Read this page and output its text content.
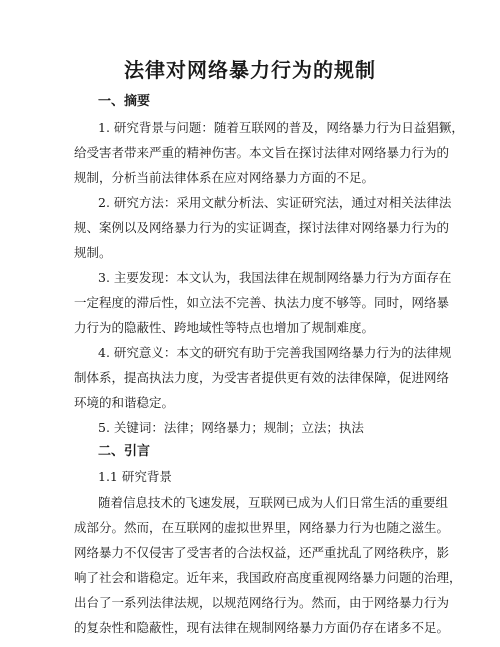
法律对网络暴力行为的规制
一、摘要
1. 研究背景与问题：随着互联网的普及，网络暴力行为日益猖獗，
给受害者带来严重的精神伤害。本文旨在探讨法律对网络暴力行为的
规制，分析当前法律体系在应对网络暴力方面的不足。
2. 研究方法：采用文献分析法、实证研究法，通过对相关法律法
规、案例以及网络暴力行为的实证调查，探讨法律对网络暴力行为的
规制。
3. 主要发现：本文认为，我国法律在规制网络暴力行为方面存在
一定程度的滞后性，如立法不完善、执法力度不够等。同时，网络暴
力行为的隐蔽性、跨地域性等特点也增加了规制难度。
4. 研究意义：本文的研究有助于完善我国网络暴力行为的法律规
制体系，提高执法力度，为受害者提供更有效的法律保障，促进网络
环境的和谐稳定。
5. 关键词：法律；网络暴力；规制；立法；执法
二、引言
1.1 研究背景
随着信息技术的飞速发展，互联网已成为人们日常生活的重要组
成部分。然而，在互联网的虚拟世界里，网络暴力行为也随之滋生。
网络暴力不仅侵害了受害者的合法权益，还严重扰乱了网络秩序，影
响了社会和谐稳定。近年来，我国政府高度重视网络暴力问题的治理，
出台了一系列法律法规，以规范网络行为。然而，由于网络暴力行为
的复杂性和隐蔽性，现有法律在规制网络暴力方面仍存在诸多不足。
